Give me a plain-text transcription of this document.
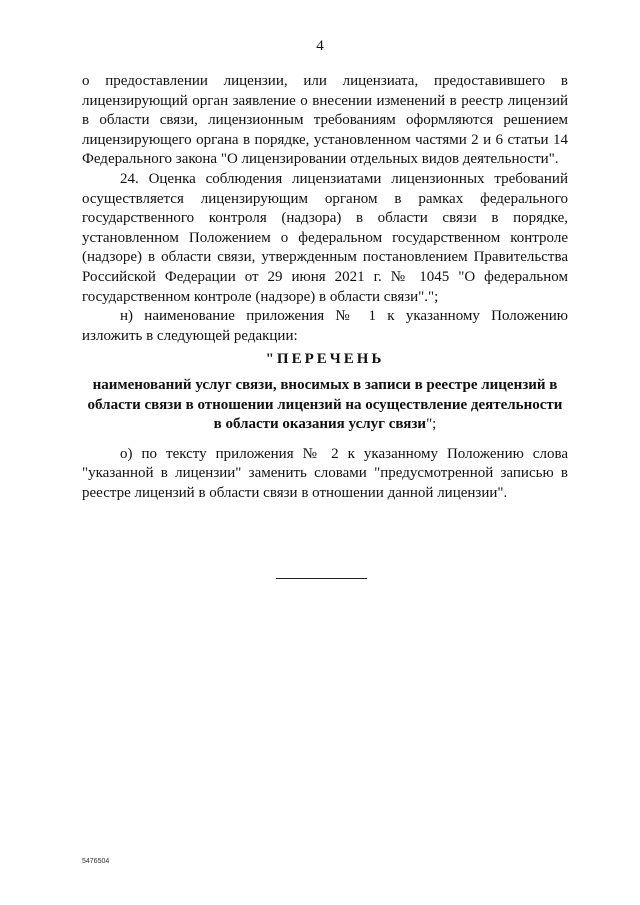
4

о предоставлении лицензии, или лицензиата, предоставившего в лицензирующий орган заявление о внесении изменений в реестр лицензий в области связи, лицензионным требованиям оформляются решением лицензирующего органа в порядке, установленном частями 2 и 6 статьи 14 Федерального закона "О лицензировании отдельных видов деятельности".

24. Оценка соблюдения лицензиатами лицензионных требований осуществляется лицензирующим органом в рамках федерального государственного контроля (надзора) в области связи в порядке, установленном Положением о федеральном государственном контроле (надзоре) в области связи, утвержденным постановлением Правительства Российской Федерации от 29 июня 2021 г. № 1045 "О федеральном государственном контроле (надзоре) в области связи".";

н) наименование приложения № 1 к указанному Положению изложить в следующей редакции:

"ПЕРЕЧЕНЬ

наименований услуг связи, вносимых в записи в реестре лицензий в области связи в отношении лицензий на осуществление деятельности в области оказания услуг связи";

о) по тексту приложения № 2 к указанному Положению слова "указанной в лицензии" заменить словами "предусмотренной записью в реестре лицензий в области связи в отношении данной лицензии".

5476504
